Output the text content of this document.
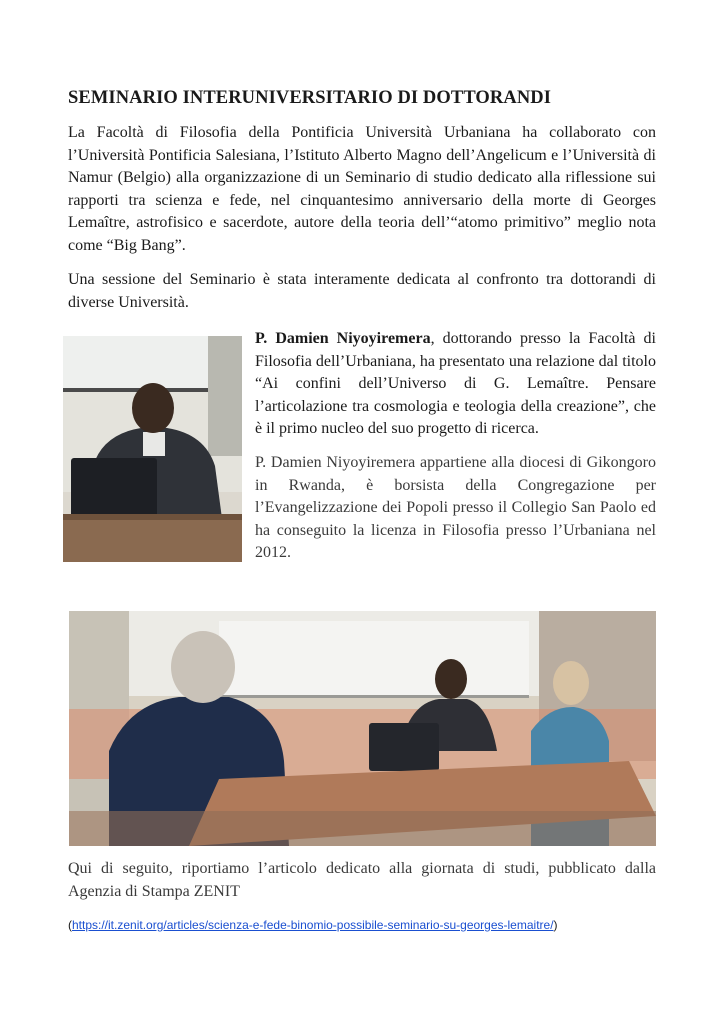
SEMINARIO INTERUNIVERSITARIO DI DOTTORANDI

La Facoltà di Filosofia della Pontificia Università Urbaniana ha collaborato con l’Università Pontificia Salesiana, l’Istituto Alberto Magno dell’Angelicum e l’Università di Namur (Belgio) alla organizzazione di un Seminario di studio dedicato alla riflessione sui rapporti tra scienza e fede, nel cinquantesimo anniversario della morte di Georges Lemaître, astrofisico e sacerdote, autore della teoria dell’“atomo primitivo” meglio nota come “Big Bang”.

Una sessione del Seminario è stata interamente dedicata al confronto tra dottorandi di diverse Università.

P. Damien Niyoyiremera, dottorando presso la Facoltà di Filosofia dell’Urbaniana, ha presentato una relazione dal titolo “Ai confini dell’Universo di G. Lemaître. Pensare l’articolazione tra cosmologia e teologia della creazione”, che è il primo nucleo del suo progetto di ricerca.

P. Damien Niyoyiremera appartiene alla diocesi di Gikongoro in Rwanda, è borsista della Congregazione per l’Evangelizzazione dei Popoli presso il Collegio San Paolo ed ha conseguito la licenza in Filosofia presso l’Urbaniana nel 2012.

Qui di seguito, riportiamo l’articolo dedicato alla giornata di studi, pubblicato dalla Agenzia di Stampa ZENIT

(https://it.zenit.org/articles/scienza-e-fede-binomio-possibile-seminario-su-georges-lemaitre/)
